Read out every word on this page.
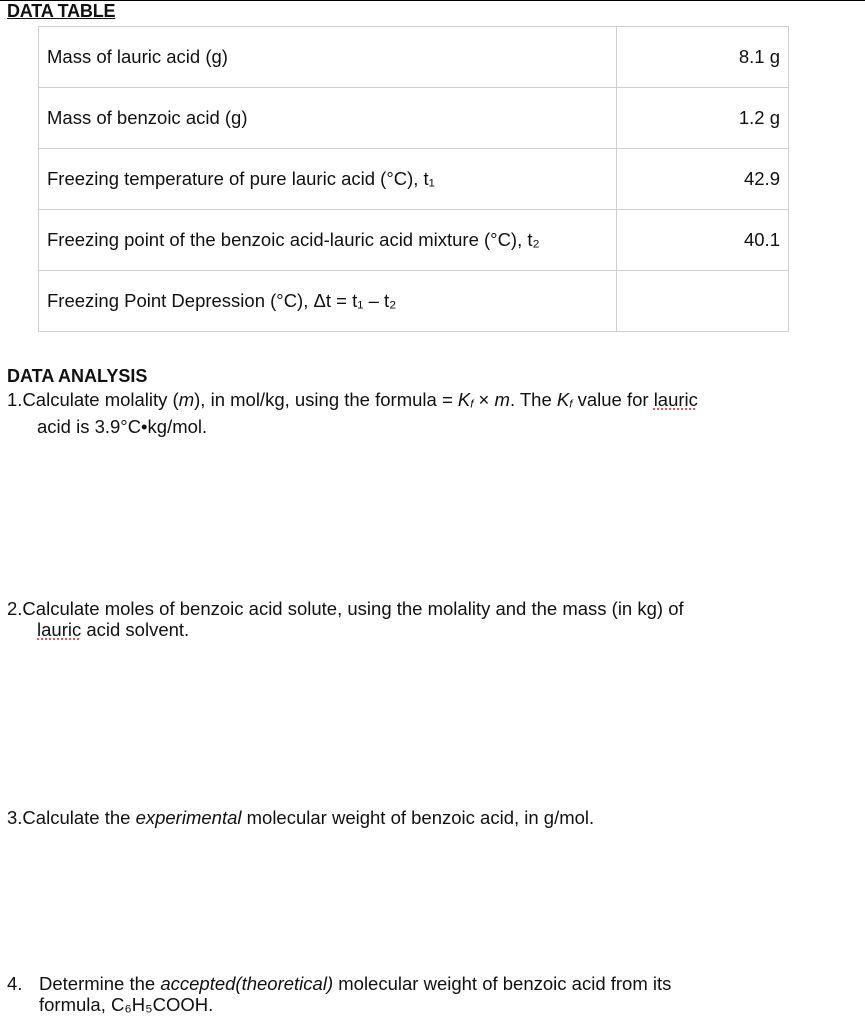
DATA TABLE
Mass of lauric acid (g)	8.1 g
Mass of benzoic acid (g)	1.2 g
Freezing temperature of pure lauric acid (°C), t₁	42.9
Freezing point of the benzoic acid-lauric acid mixture (°C), t₂	40.1
Freezing Point Depression (°C), Δt = t₁ – t₂	
DATA ANALYSIS
1.Calculate molality (m), in mol/kg, using the formula = $K_f \times m$. The $K_f$ value for lauric
acid is 3.9°C•kg/mol.
2.Calculate moles of benzoic acid solute, using the molality and the mass (in kg) of
lauric acid solvent.
3.Calculate the experimental molecular weight of benzoic acid, in g/mol.
4. Determine the accepted(theoretical) molecular weight of benzoic acid from its
formula, C₆H₅COOH.
